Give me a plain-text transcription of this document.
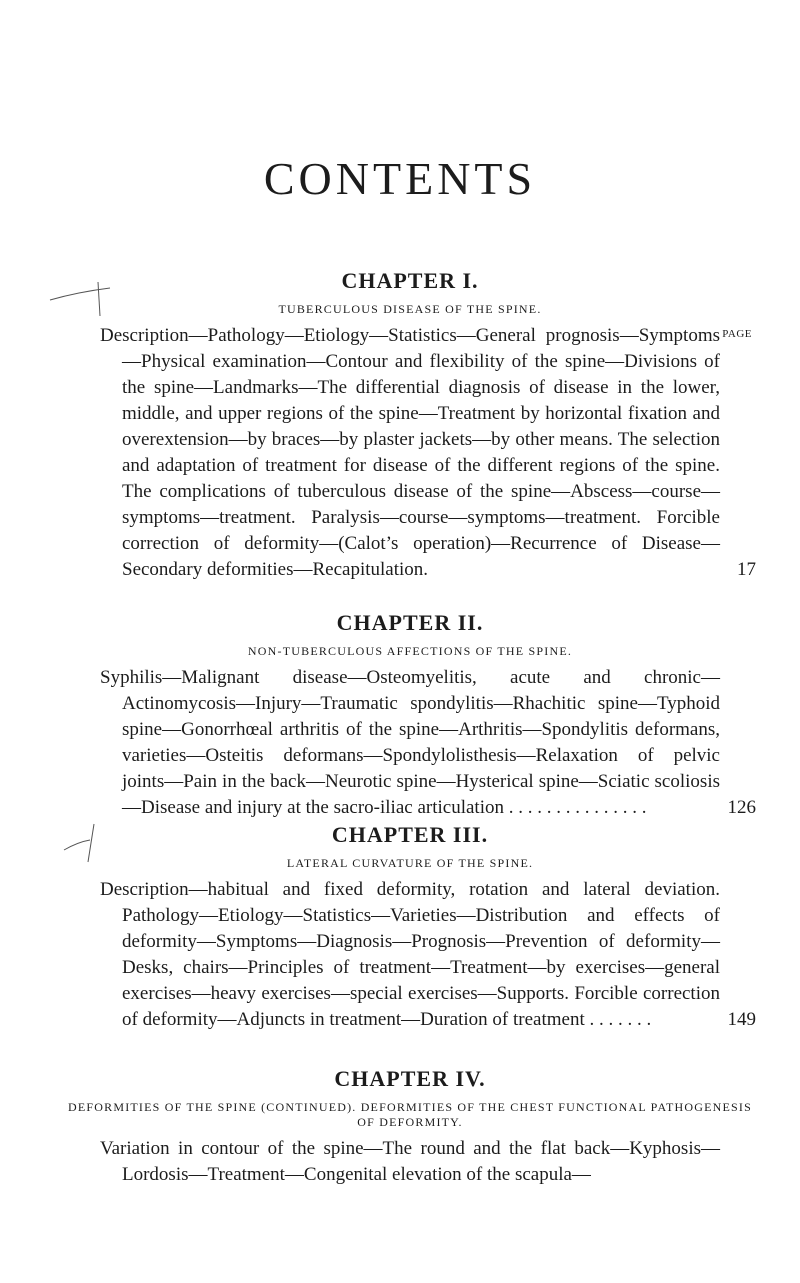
CONTENTS
CHAPTER I.

TUBERCULOUS DISEASE OF THE SPINE.

PAGE

Description—Pathology—Etiology—Statistics—General prognosis—Symptoms—Physical examination—Contour and flexibility of the spine—Divisions of the spine—Landmarks—The differential diagnosis of disease in the lower, middle, and upper regions of the spine—Treatment by horizontal fixation and overextension—by braces—by plaster jackets—by other means. The selection and adaptation of treatment for disease of the different regions of the spine. The complications of tuberculous disease of the spine—Abscess—course—symptoms—treatment. Paralysis—course—symptoms—treatment. Forcible correction of deformity—(Calot’s operation)—Recurrence of Disease—Secondary deformities—Recapitulation.	17
CHAPTER II.

NON-TUBERCULOUS AFFECTIONS OF THE SPINE.

Syphilis—Malignant disease—Osteomyelitis, acute and chronic—Actinomycosis—Injury—Traumatic spondylitis—Rhachitic spine—Typhoid spine—Gonorrhœal arthritis of the spine—Arthritis—Spondylitis deformans, varieties—Osteitis deformans—Spondylolisthesis—Relaxation of pelvic joints—Pain in the back—Neurotic spine—Hysterical spine—Sciatic scoliosis—Disease and injury at the sacro-iliac articulation . . . . . . . . . . . . . . .	126
CHAPTER III.

LATERAL CURVATURE OF THE SPINE.

Description—habitual and fixed deformity, rotation and lateral deviation. Pathology—Etiology—Statistics—Varieties—Distribution and effects of deformity—Symptoms—Diagnosis—Prognosis—Prevention of deformity—Desks, chairs—Principles of treatment—Treatment—by exercises—general exercises—heavy exercises—special exercises—Supports. Forcible correction of deformity—Adjuncts in treatment—Duration of treatment . . . . . . .	149
CHAPTER IV.

DEFORMITIES OF THE SPINE (CONTINUED). DEFORMITIES OF THE CHEST FUNCTIONAL PATHOGENESIS OF DEFORMITY.

Variation in contour of the spine—The round and the flat back—Kyphosis—Lordosis—Treatment—Congenital elevation of the scapula—
